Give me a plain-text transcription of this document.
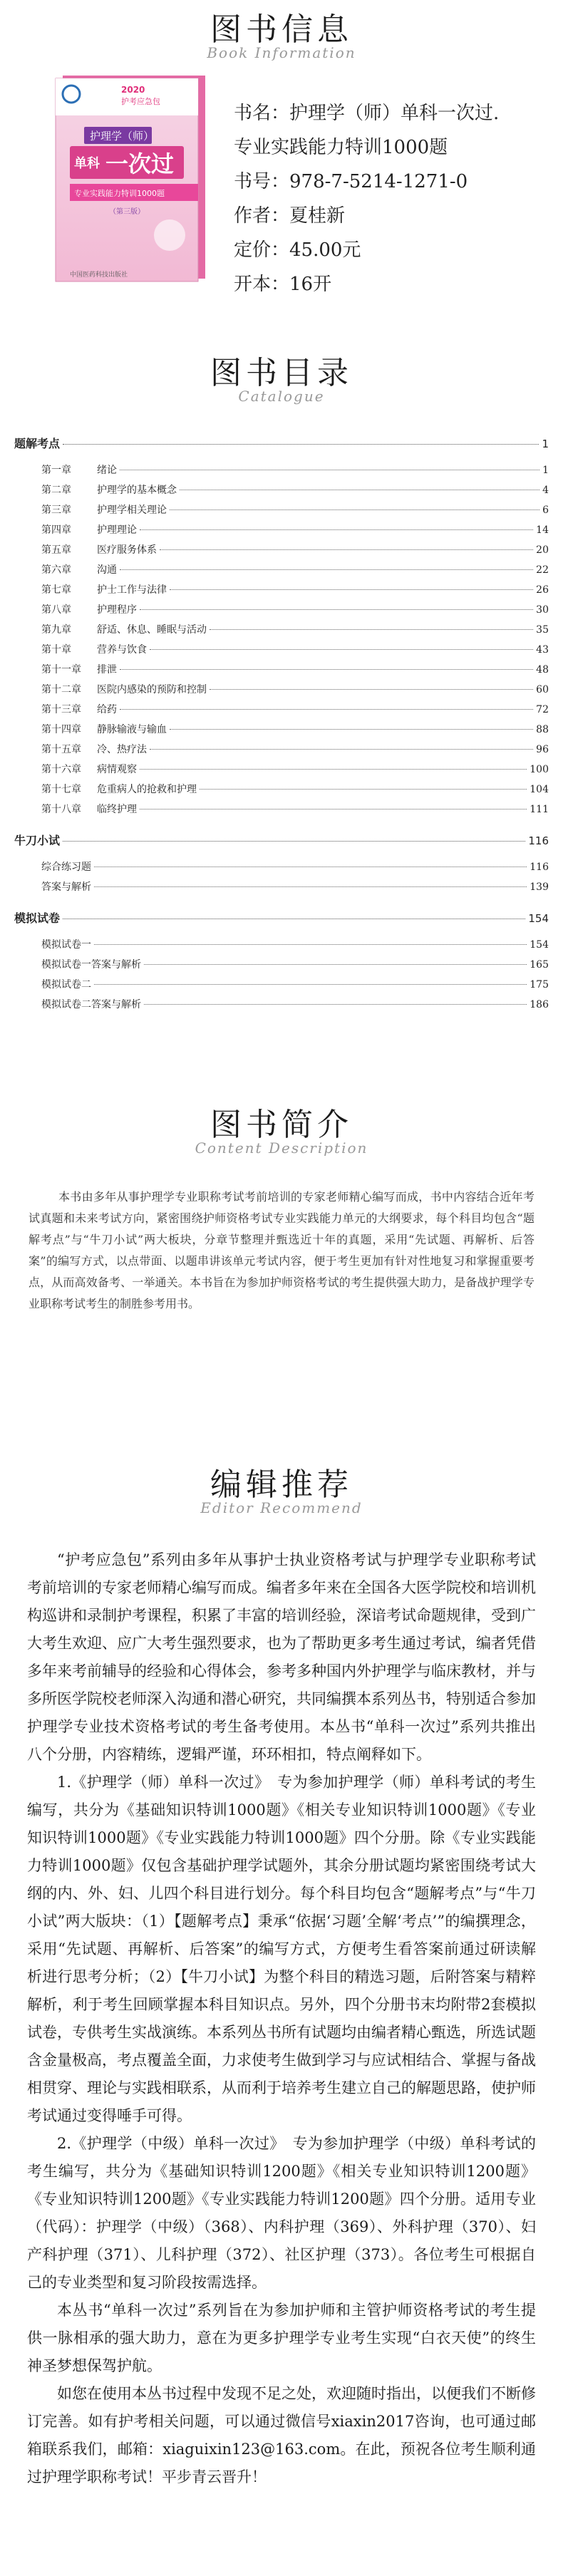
图书信息
Book Information
2020
护考应急包
护理学（师）
单科 一次过
专业实践能力特训1000题
（第三版）
中国医药科技出版社
书名：护理学（师）单科一次过.
专业实践能力特训1000题
书号：978-7-5214-1271-0
作者：夏桂新
定价：45.00元
开本：16开
图书目录
Catalogue
题解考点	1
第一章	绪论	1
第二章	护理学的基本概念	4
第三章	护理学相关理论	6
第四章	护理理论	14
第五章	医疗服务体系	20
第六章	沟通	22
第七章	护士工作与法律	26
第八章	护理程序	30
第九章	舒适、休息、睡眠与活动	35
第十章	营养与饮食	43
第十一章	排泄	48
第十二章	医院内感染的预防和控制	60
第十三章	给药	72
第十四章	静脉输液与输血	88
第十五章	冷、热疗法	96
第十六章	病情观察	100
第十七章	危重病人的抢救和护理	104
第十八章	临终护理	111
牛刀小试	116
综合练习题	116
答案与解析	139
模拟试卷	154
模拟试卷一	154
模拟试卷一答案与解析	165
模拟试卷二	175
模拟试卷二答案与解析	186
图书简介
Content Description

本书由多年从事护理学专业职称考试考前培训的专家老师精心编写而成，书中内容结合近年考试真题和未来考试方向，紧密围绕护师资格考试专业实践能力单元的大纲要求，每个科目均包含“题解考点”与“牛刀小试”两大板块，分章节整理并甄选近十年的真题，采用“先试题、再解析、后答案”的编写方式，以点带面、以题串讲该单元考试内容，便于考生更加有针对性地复习和掌握重要考点，从而高效备考、一举通关。本书旨在为参加护师资格考试的考生提供强大助力，是备战护理学专业职称考试考生的制胜参考用书。

编辑推荐
Editor Recommend

“护考应急包”系列由多年从事护士执业资格考试与护理学专业职称考试考前培训的专家老师精心编写而成。编者多年来在全国各大医学院校和培训机构巡讲和录制护考课程，积累了丰富的培训经验，深谙考试命题规律，受到广大考生欢迎、应广大考生强烈要求，也为了帮助更多考生通过考试，编者凭借多年来考前辅导的经验和心得体会，参考多种国内外护理学与临床教材，并与多所医学院校老师深入沟通和潜心研究，共同编撰本系列丛书，特别适合参加护理学专业技术资格考试的考生备考使用。本丛书“单科一次过”系列共推出八个分册，内容精练，逻辑严谨，环环相扣，特点阐释如下。

1.《护理学（师）单科一次过》　专为参加护理学（师）单科考试的考生编写，共分为《基础知识特训1000题》《相关专业知识特训1000题》《专业知识特训1000题》《专业实践能力特训1000题》四个分册。除《专业实践能力特训1000题》仅包含基础护理学试题外，其余分册试题均紧密围绕考试大纲的内、外、妇、儿四个科目进行划分。每个科目均包含“题解考点”与“牛刀小试”两大版块：（1）【题解考点】秉承“依据‘习题’全解‘考点’”的编撰理念，采用“先试题、再解析、后答案”的编写方式，方便考生看答案前通过研读解析进行思考分析；（2）【牛刀小试】为整个科目的精选习题，后附答案与精粹解析，利于考生回顾掌握本科目知识点。另外，四个分册书末均附带2套模拟试卷，专供考生实战演练。本系列丛书所有试题均由编者精心甄选，所选试题含金量极高，考点覆盖全面，力求使考生做到学习与应试相结合、掌握与备战相贯穿、理论与实践相联系，从而利于培养考生建立自己的解题思路，使护师考试通过变得唾手可得。

2.《护理学（中级）单科一次过》　专为参加护理学（中级）单科考试的考生编写，共分为《基础知识特训1200题》《相关专业知识特训1200题》《专业知识特训1200题》《专业实践能力特训1200题》四个分册。适用专业（代码）：护理学（中级）（368）、内科护理（369）、外科护理（370）、妇产科护理（371）、儿科护理（372）、社区护理（373）。各位考生可根据自己的专业类型和复习阶段按需选择。

本丛书“单科一次过”系列旨在为参加护师和主管护师资格考试的考生提供一脉相承的强大助力，意在为更多护理学专业考生实现“白衣天使”的终生神圣梦想保驾护航。

如您在使用本丛书过程中发现不足之处，欢迎随时指出，以便我们不断修订完善。如有护考相关问题，可以通过微信号xiaxin2017咨询，也可通过邮箱联系我们，邮箱：xiaguixin123@163.com。在此，预祝各位考生顺利通过护理学职称考试！平步青云晋升！
